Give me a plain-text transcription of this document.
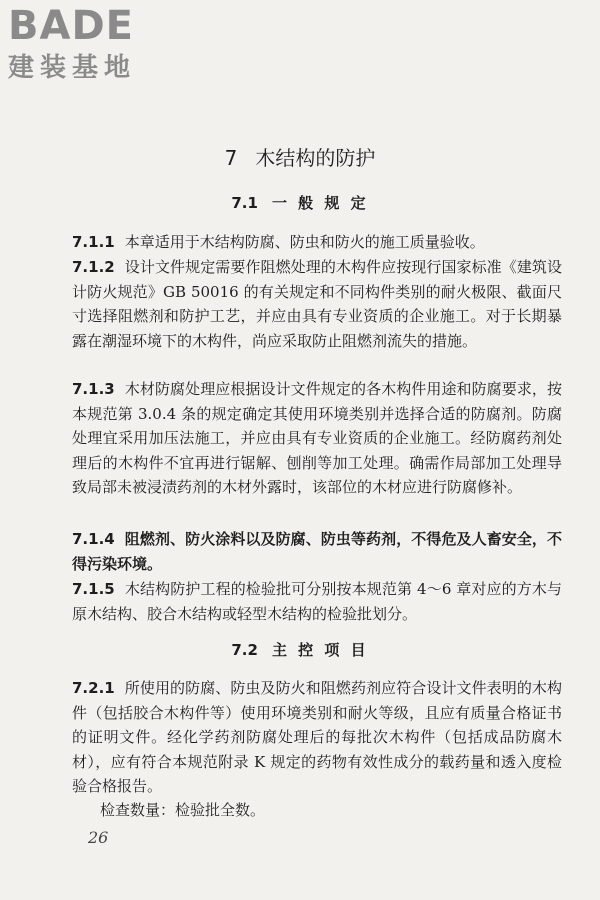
BADE
建装基地
7 木结构的防护
7.1 一 般 规 定
7.1.1 本章适用于木结构防腐、防虫和防火的施工质量验收。
7.1.2 设计文件规定需要作阻燃处理的木构件应按现行国家标准《建筑设计防火规范》GB 50016 的有关规定和不同构件类别的耐火极限、截面尺寸选择阻燃剂和防护工艺，并应由具有专业资质的企业施工。对于长期暴露在潮湿环境下的木构件，尚应采取防止阻燃剂流失的措施。
7.1.3 木材防腐处理应根据设计文件规定的各木构件用途和防腐要求，按本规范第 3.0.4 条的规定确定其使用环境类别并选择合适的防腐剂。防腐处理宜采用加压法施工，并应由具有专业资质的企业施工。经防腐药剂处理后的木构件不宜再进行锯解、刨削等加工处理。确需作局部加工处理导致局部未被浸渍药剂的木材外露时，该部位的木材应进行防腐修补。
7.1.4 阻燃剂、防火涂料以及防腐、防虫等药剂，不得危及人畜安全，不得污染环境。
7.1.5 木结构防护工程的检验批可分别按本规范第 4～6 章对应的方木与原木结构、胶合木结构或轻型木结构的检验批划分。
7.2 主 控 项 目
7.2.1 所使用的防腐、防虫及防火和阻燃药剂应符合设计文件表明的木构件（包括胶合木构件等）使用环境类别和耐火等级，且应有质量合格证书的证明文件。经化学药剂防腐处理后的每批次木构件（包括成品防腐木材），应有符合本规范附录 K 规定的药物有效性成分的载药量和透入度检验合格报告。
检查数量：检验批全数。
26
